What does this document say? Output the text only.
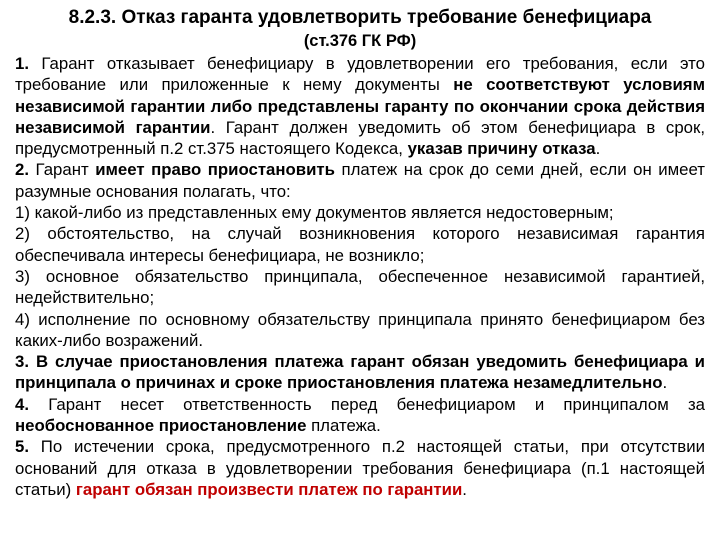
8.2.3. Отказ гаранта удовлетворить требование бенефициара
(ст.376 ГК РФ)

1. Гарант отказывает бенефициару в удовлетворении его требования, если это требование или приложенные к нему документы не соответствуют условиям независимой гарантии либо представлены гаранту по окончании срока действия независимой гарантии. Гарант должен уведомить об этом бенефициара в срок, предусмотренный п.2 ст.375 настоящего Кодекса, указав причину отказа.

2. Гарант имеет право приостановить платеж на срок до семи дней, если он имеет разумные основания полагать, что:

1) какой-либо из представленных ему документов является недостоверным;

2) обстоятельство, на случай возникновения которого независимая гарантия обеспечивала интересы бенефициара, не возникло;

3) основное обязательство принципала, обеспеченное независимой гарантией, недействительно;

4) исполнение по основному обязательству принципала принято бенефициаром без каких-либо возражений.

3. В случае приостановления платежа гарант обязан уведомить бенефициара и принципала о причинах и сроке приостановления платежа незамедлительно.

4. Гарант несет ответственность перед бенефициаром и принципалом за необоснованное приостановление платежа.

5. По истечении срока, предусмотренного п.2 настоящей статьи, при отсутствии оснований для отказа в удовлетворении требования бенефициара (п.1 настоящей статьи) гарант обязан произвести платеж по гарантии.
